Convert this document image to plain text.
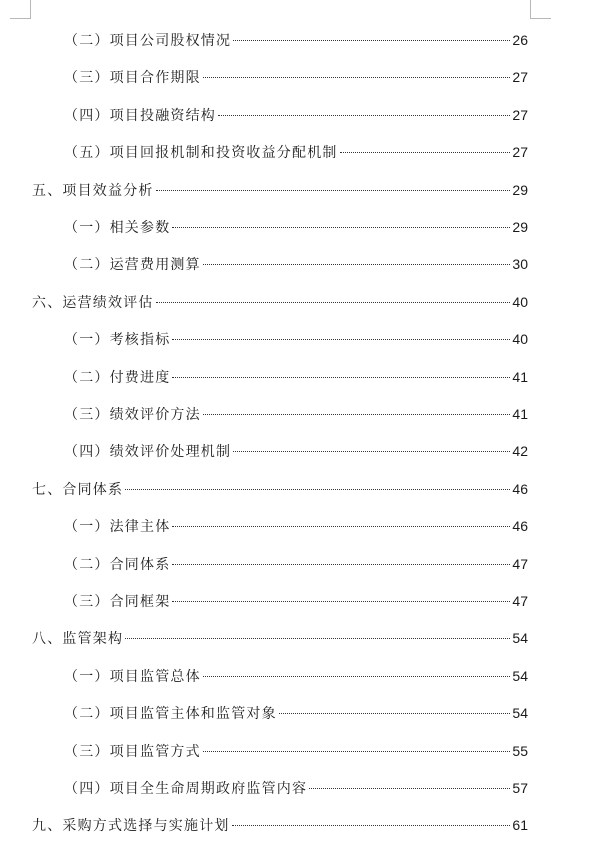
（二）项目公司股权情况	26
（三）项目合作期限	27
（四）项目投融资结构	27
（五）项目回报机制和投资收益分配机制	27
五、项目效益分析	29
（一）相关参数	29
（二）运营费用测算	30
六、运营绩效评估	40
（一）考核指标	40
（二）付费进度	41
（三）绩效评价方法	41
（四）绩效评价处理机制	42
七、合同体系	46
（一）法律主体	46
（二）合同体系	47
（三）合同框架	47
八、监管架构	54
（一）项目监管总体	54
（二）项目监管主体和监管对象	54
（三）项目监管方式	55
（四）项目全生命周期政府监管内容	57
九、采购方式选择与实施计划	61
